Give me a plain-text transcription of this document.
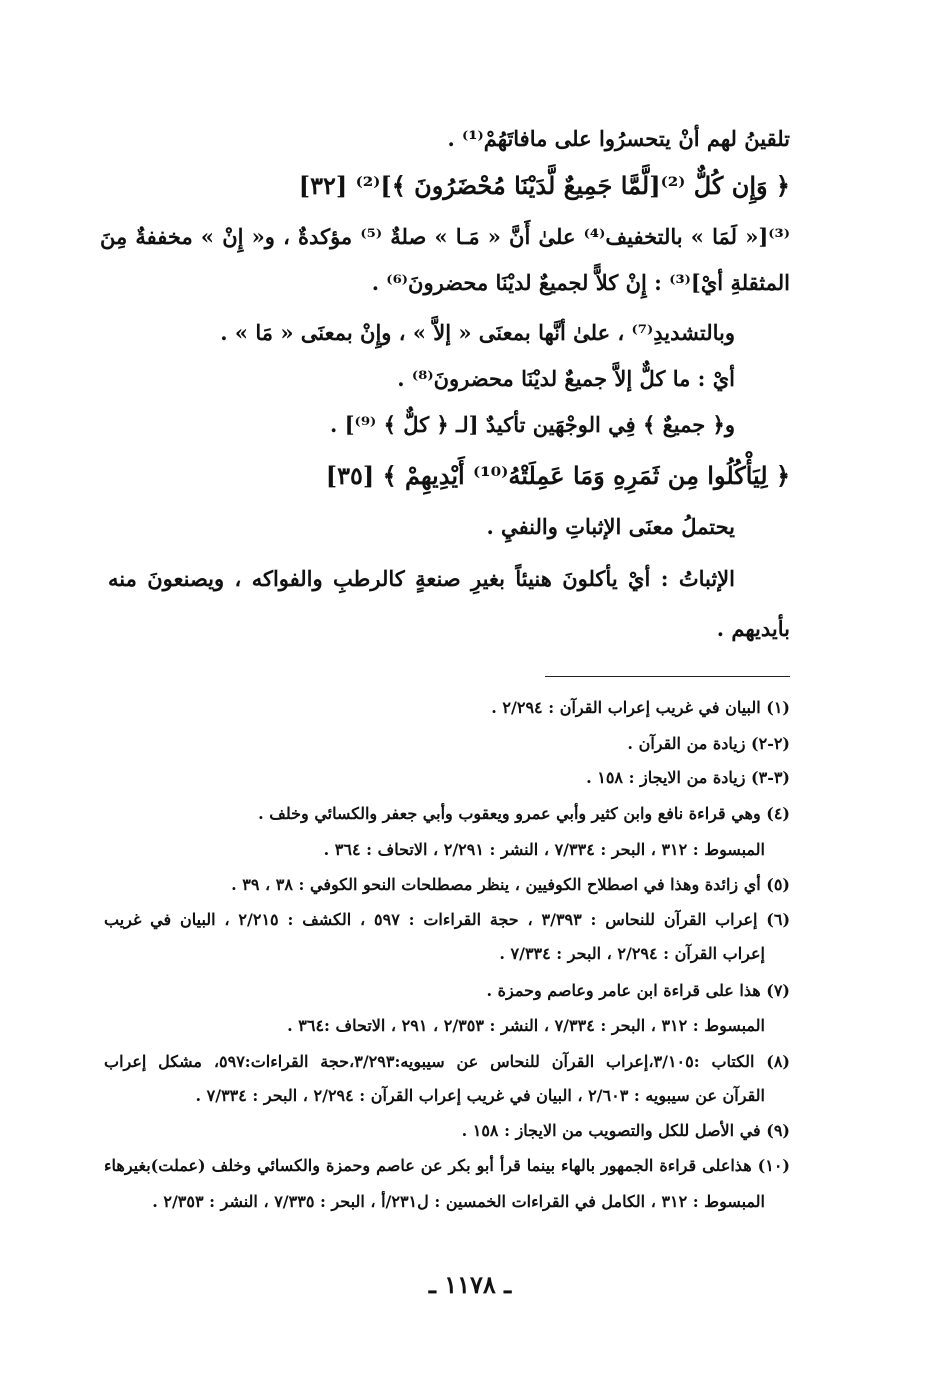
تلقينُ لهم أنْ يتحسرُوا على مافاتَهُمْ⁽¹⁾ .
﴿ وَإِن كُلٌّ ⁽²⁾[لَّمَّا جَمِيعٌ لَّدَيْنَا مُحْضَرُونَ ﴾]⁽²⁾ [٣٢]
⁽³⁾[« لَمَا » بالتخفيف⁽⁴⁾ علىٰ أَنَّ « مَـا » صلةٌ ⁽⁵⁾ مؤكدةٌ ، و« إِنْ » مخففةٌ مِنَ
المثقلةِ أيْ]⁽³⁾ : إِنْ كلاًّ لجميعٌ لديْنَا محضرونَ⁽⁶⁾ .
وبالتشديدِ⁽⁷⁾ ، علىٰ أنَّها بمعنَى « إلاَّ » ، وإِنْ بمعنَى « مَا » .
أيْ : ما كلٌّ إلاَّ جميعٌ لديْنَا محضرونَ⁽⁸⁾ .
و﴿ جميعٌ ﴾ فِي الوجْهَين تأكيدٌ [لـ ﴿ كلٌّ ﴾ ⁽⁹⁾] .
﴿ لِيَأْكُلُوا مِن ثَمَرِهِ وَمَا عَمِلَتْهُ⁽¹⁰⁾ أَيْدِيهِمْ ﴾ [٣٥]
يحتملُ معنَى الإثباتِ والنفيِ .
الإثباتُ : أيْ يأكلونَ هنيئاً بغيرِ صنعةٍ كالرطبِ والفواكه ، ويصنعونَ منه
بأيديهم .
(١) البيان في غريب إعراب القرآن : ٢/٢٩٤ .
(٢-٢) زيادة من القرآن .
(٣-٣) زيادة من الايجاز : ١٥٨ .
(٤) وهي قراءة نافع وابن كثير وأبي عمرو ويعقوب وأبي جعفر والكسائي وخلف .
المبسوط : ٣١٢ ، البحر : ٧/٣٣٤ ، النشر : ٢/٢٩١ ، الاتحاف : ٣٦٤ .
(٥) أي زائدة وهذا في اصطلاح الكوفيين ، ينظر مصطلحات النحو الكوفي : ٣٨ ، ٣٩ .
(٦) إعراب القرآن للنحاس : ٣/٣٩٣ ، حجة القراءات : ٥٩٧ ، الكشف : ٢/٢١٥ ، البيان في غريب
إعراب القرآن : ٢/٢٩٤ ، البحر : ٧/٣٣٤ .
(٧) هذا على قراءة ابن عامر وعاصم وحمزة .
المبسوط : ٣١٢ ، البحر : ٧/٣٣٤ ، النشر : ٢/٣٥٣ ، ٢٩١ ، الاتحاف :٣٦٤ .
(٨) الكتاب :٣/١٠٥،إعراب القرآن للنحاس عن سيبويه:٣/٢٩٣،حجة القراءات:٥٩٧، مشكل إعراب
القرآن عن سيبويه : ٢/٦٠٣ ، البيان في غريب إعراب القرآن : ٢/٢٩٤ ، البحر : ٧/٣٣٤ .
(٩) في الأصل للكل والتصويب من الايجاز : ١٥٨ .
(١٠) هذاعلى قراءة الجمهور بالهاء بينما قرأ أبو بكر عن عاصم وحمزة والكسائي وخلف (عملت)بغيرهاء
المبسوط : ٣١٢ ، الكامل في القراءات الخمسين : ل٢٣١/أ ، البحر : ٧/٣٣٥ ، النشر : ٢/٣٥٣ .
ـ ١١٧٨ ـ
